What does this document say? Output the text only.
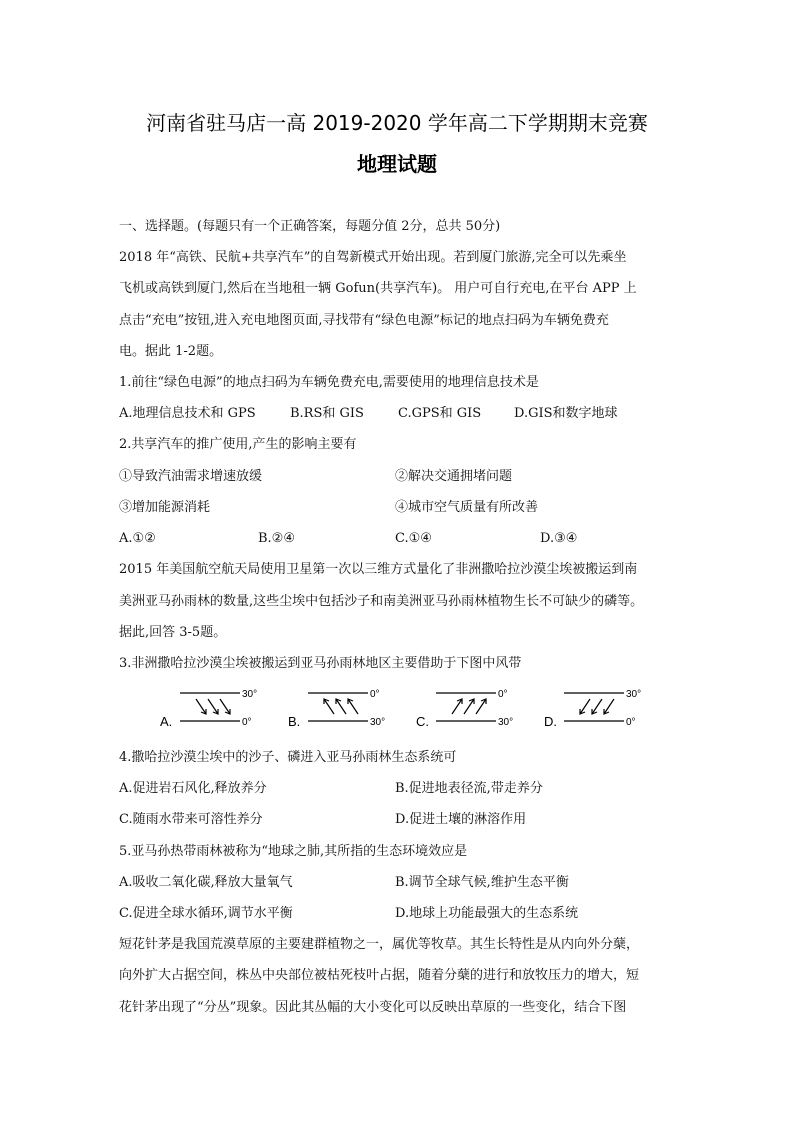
河南省驻马店一高 2019-2020 学年高二下学期期末竞赛
地理试题
一、选择题。(每题只有一个正确答案，每题分值 2分，总共 50分)
2018 年“高铁、民航+共享汽车”的自驾新模式开始出现。若到厦门旅游,完全可以先乘坐
飞机或高铁到厦门,然后在当地租一辆 Gofun(共享汽车)。 用户可自行充电,在平台 APP 上
点击“充电”按钮,进入充电地图页面,寻找带有“绿色电源”标记的地点扫码为车辆免费充
电。据此 1-2题。
1.前往“绿色电源”的地点扫码为车辆免费充电,需要使用的地理信息技术是
A.地理信息技术和 GPS	B.RS和 GIS	C.GPS和 GIS	D.GIS和数字地球
2.共享汽车的推广使用,产生的影响主要有
①导致汽油需求增速放缓	②解决交通拥堵问题
③增加能源消耗	④城市空气质量有所改善
A.①②	B.②④	C.①④	D.③④
2015 年美国航空航天局使用卫星第一次以三维方式量化了非洲撒哈拉沙漠尘埃被搬运到南
美洲亚马孙雨林的数量,这些尘埃中包括沙子和南美洲亚马孙雨林植物生长不可缺少的磷等。
据此,回答 3-5题。
3.非洲撒哈拉沙漠尘埃被搬运到亚马孙雨林地区主要借助于下图中风带
A.
30°
0°	B.
0°
30° C.
0°
30° D.
30°
0°
4.撒哈拉沙漠尘埃中的沙子、磷进入亚马孙雨林生态系统可
A.促进岩石风化,释放养分	B.促进地表径流,带走养分
C.随雨水带来可溶性养分	D.促进土壤的淋溶作用
5.亚马孙热带雨林被称为“地球之肺,其所指的生态环境效应是
A.吸收二氧化碳,释放大量氧气	B.调节全球气候,维护生态平衡
C.促进全球水循环,调节水平衡	D.地球上功能最强大的生态系统
短花针茅是我国荒漠草原的主要建群植物之一，属优等牧草。其生长特性是从内向外分蘖，
向外扩大占据空间，株丛中央部位被枯死枝叶占据，随着分蘖的进行和放牧压力的增大，短
花针茅出现了“分丛”现象。因此其丛幅的大小变化可以反映出草原的一些变化，结合下图
